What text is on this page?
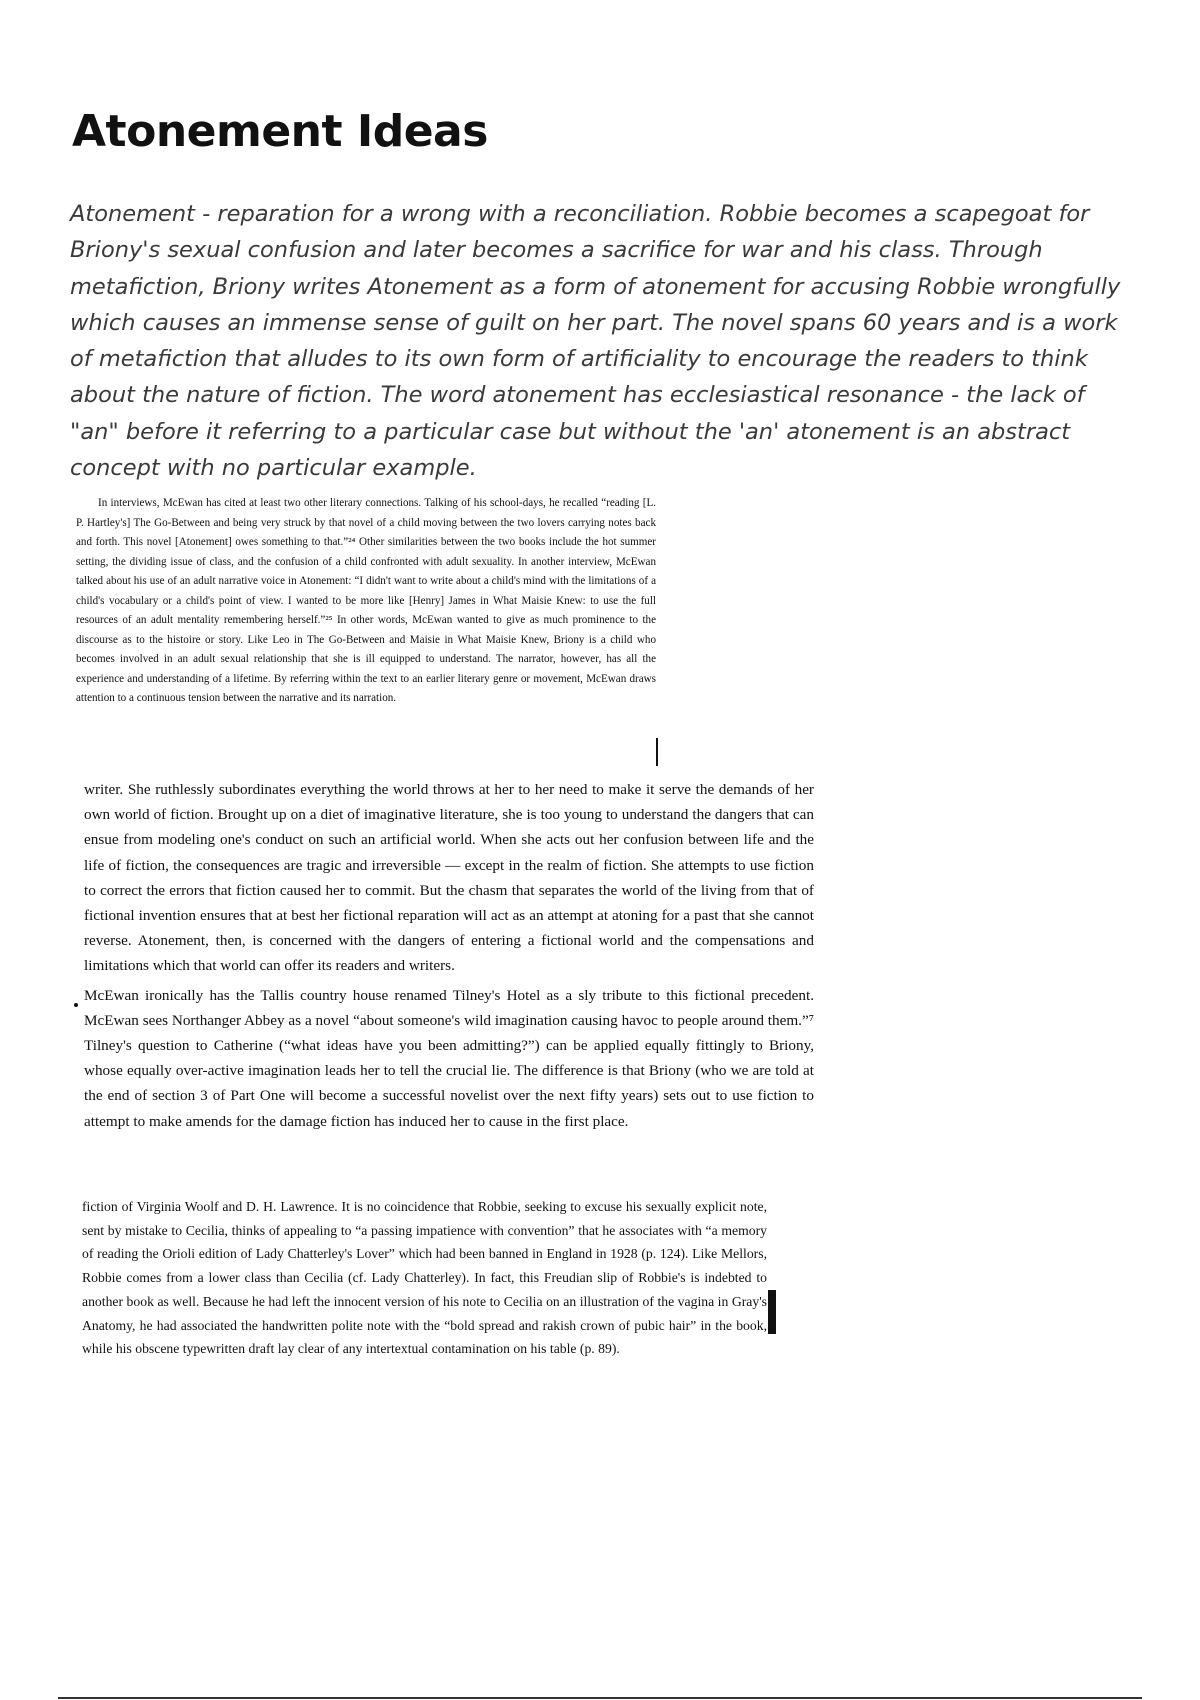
Atonement Ideas

Atonement - reparation for a wrong with a reconciliation. Robbie becomes a scapegoat for Briony's sexual confusion and later becomes a sacrifice for war and his class. Through metafiction, Briony writes Atonement as a form of atonement for accusing Robbie wrongfully which causes an immense sense of guilt on her part. The novel spans 60 years and is a work of metafiction that alludes to its own form of artificiality to encourage the readers to think about the nature of fiction. The word atonement has ecclesiastical resonance - the lack of "an" before it referring to a particular case but without the 'an' atonement is an abstract concept with no particular example.

In interviews, McEwan has cited at least two other literary connections. Talking of his school-days, he recalled “reading [L. P. Hartley's] The Go-Between and being very struck by that novel of a child moving between the two lovers carrying notes back and forth. This novel [Atonement] owes something to that.”²⁴ Other similarities between the two books include the hot summer setting, the dividing issue of class, and the confusion of a child confronted with adult sexuality. In another interview, McEwan talked about his use of an adult narrative voice in Atonement: “I didn't want to write about a child's mind with the limitations of a child's vocabulary or a child's point of view. I wanted to be more like [Henry] James in What Maisie Knew: to use the full resources of an adult mentality remembering herself.”²⁵ In other words, McEwan wanted to give as much prominence to the discourse as to the histoire or story. Like Leo in The Go-Between and Maisie in What Maisie Knew, Briony is a child who becomes involved in an adult sexual relationship that she is ill equipped to understand. The narrator, however, has all the experience and understanding of a lifetime. By referring within the text to an earlier literary genre or movement, McEwan draws attention to a continuous tension between the narrative and its narration.

writer. She ruthlessly subordinates everything the world throws at her to her need to make it serve the demands of her own world of fiction. Brought up on a diet of imaginative literature, she is too young to understand the dangers that can ensue from modeling one's conduct on such an artificial world. When she acts out her confusion between life and the life of fiction, the consequences are tragic and irreversible — except in the realm of fiction. She attempts to use fiction to correct the errors that fiction caused her to commit. But the chasm that separates the world of the living from that of fictional invention ensures that at best her fictional reparation will act as an attempt at atoning for a past that she cannot reverse. Atonement, then, is concerned with the dangers of entering a fictional world and the compensations and limitations which that world can offer its readers and writers.

McEwan ironically has the Tallis country house renamed Tilney's Hotel as a sly tribute to this fictional precedent. McEwan sees Northanger Abbey as a novel “about someone's wild imagination causing havoc to people around them.”⁷ Tilney's question to Catherine (“what ideas have you been admitting?”) can be applied equally fittingly to Briony, whose equally over-active imagination leads her to tell the crucial lie. The difference is that Briony (who we are told at the end of section 3 of Part One will become a successful novelist over the next fifty years) sets out to use fiction to attempt to make amends for the damage fiction has induced her to cause in the first place.

fiction of Virginia Woolf and D. H. Lawrence. It is no coincidence that Robbie, seeking to excuse his sexually explicit note, sent by mistake to Cecilia, thinks of appealing to “a passing impatience with convention” that he associates with “a memory of reading the Orioli edition of Lady Chatterley's Lover” which had been banned in England in 1928 (p. 124). Like Mellors, Robbie comes from a lower class than Cecilia (cf. Lady Chatterley). In fact, this Freudian slip of Robbie's is indebted to another book as well. Because he had left the innocent version of his note to Cecilia on an illustration of the vagina in Gray's Anatomy, he had associated the handwritten polite note with the “bold spread and rakish crown of pubic hair” in the book, while his obscene typewritten draft lay clear of any intertextual contamination on his table (p. 89).
